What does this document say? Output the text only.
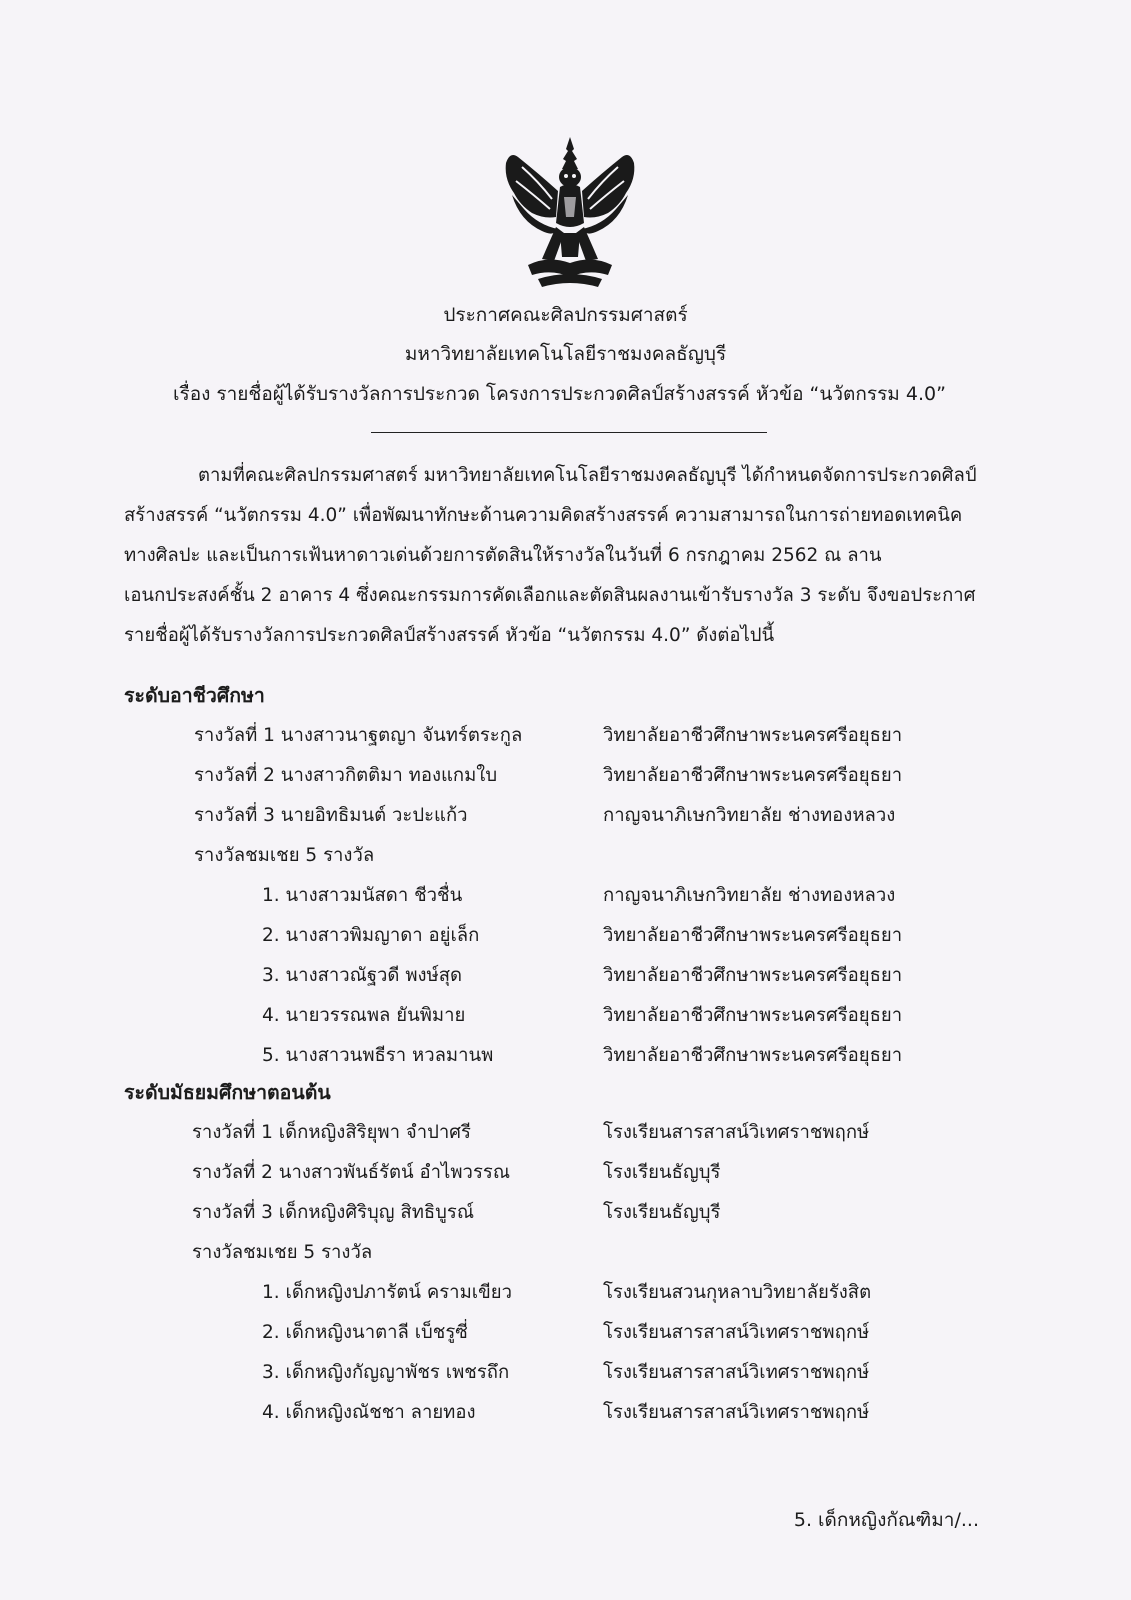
ประกาศคณะศิลปกรรมศาสตร์
มหาวิทยาลัยเทคโนโลยีราชมงคลธัญบุรี
เรื่อง รายชื่อผู้ได้รับรางวัลการประกวด โครงการประกวดศิลป์สร้างสรรค์ หัวข้อ “นวัตกรรม 4.0”
ตามที่คณะศิลปกรรมศาสตร์ มหาวิทยาลัยเทคโนโลยีราชมงคลธัญบุรี ได้กำหนดจัดการประกวดศิลป์
สร้างสรรค์ “นวัตกรรม 4.0” เพื่อพัฒนาทักษะด้านความคิดสร้างสรรค์ ความสามารถในการถ่ายทอดเทคนิค
ทางศิลปะ และเป็นการเฟ้นหาดาวเด่นด้วยการตัดสินให้รางวัลในวันที่ 6 กรกฎาคม 2562 ณ ลาน
เอนกประสงค์ชั้น 2 อาคาร 4 ซึ่งคณะกรรมการคัดเลือกและตัดสินผลงานเข้ารับรางวัล 3 ระดับ จึงขอประกาศ
รายชื่อผู้ได้รับรางวัลการประกวดศิลป์สร้างสรรค์ หัวข้อ “นวัตกรรม 4.0” ดังต่อไปนี้
ระดับอาชีวศึกษา
รางวัลที่ 1 นางสาวนาฐตญา จันทร์ตระกูล	วิทยาลัยอาชีวศึกษาพระนครศรีอยุธยา
รางวัลที่ 2 นางสาวกิตติมา ทองแกมใบ	วิทยาลัยอาชีวศึกษาพระนครศรีอยุธยา
รางวัลที่ 3 นายอิทธิมนต์ วะปะแก้ว	กาญจนาภิเษกวิทยาลัย ช่างทองหลวง
รางวัลชมเชย 5 รางวัล
1. นางสาวมนัสดา ชีวชื่น	กาญจนาภิเษกวิทยาลัย ช่างทองหลวง
2. นางสาวพิมญาดา อยู่เล็ก	วิทยาลัยอาชีวศึกษาพระนครศรีอยุธยา
3. นางสาวณัฐวดี พงษ์สุด	วิทยาลัยอาชีวศึกษาพระนครศรีอยุธยา
4. นายวรรณพล ยันพิมาย	วิทยาลัยอาชีวศึกษาพระนครศรีอยุธยา
5. นางสาวนพธีรา หวลมานพ	วิทยาลัยอาชีวศึกษาพระนครศรีอยุธยา
ระดับมัธยมศึกษาตอนต้น
รางวัลที่ 1 เด็กหญิงสิริยุพา จำปาศรี	โรงเรียนสารสาสน์วิเทศราชพฤกษ์
รางวัลที่ 2 นางสาวพันธ์รัตน์ อำไพวรรณ	โรงเรียนธัญบุรี
รางวัลที่ 3 เด็กหญิงศิริบุญ สิทธิบูรณ์	โรงเรียนธัญบุรี
รางวัลชมเชย 5 รางวัล
1. เด็กหญิงปภารัตน์ ครามเขียว	โรงเรียนสวนกุหลาบวิทยาลัยรังสิต
2. เด็กหญิงนาตาลี เบ็ชรูซี่	โรงเรียนสารสาสน์วิเทศราชพฤกษ์
3. เด็กหญิงกัญญาพัชร เพชรถึก	โรงเรียนสารสาสน์วิเทศราชพฤกษ์
4. เด็กหญิงณัชชา ลายทอง	โรงเรียนสารสาสน์วิเทศราชพฤกษ์
5. เด็กหญิงกัณฑิมา/...
